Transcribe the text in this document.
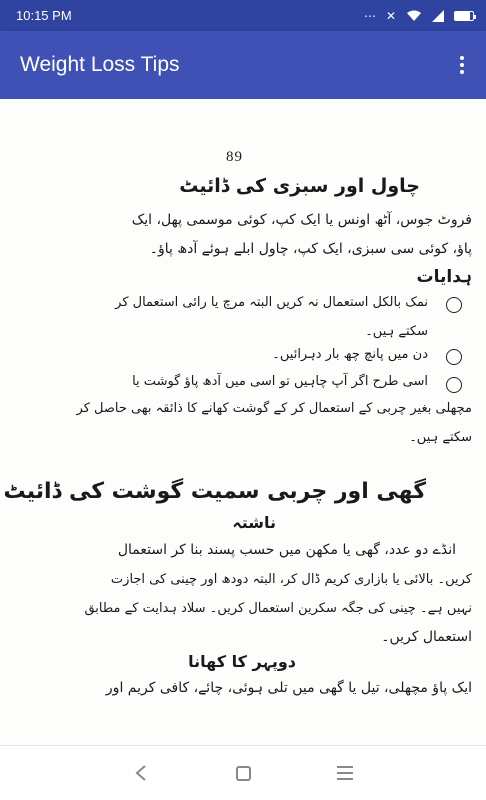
10:15 PM	⋯ ✕
Weight Loss Tips
89
چاول اور سبزی کی ڈائیٹ
فروٹ جوس، آٹھ اونس یا ایک کپ، کوئی موسمی پھل، ایک
پاؤ، کوئی سی سبزی، ایک کپ، چاول ابلے ہوئے آدھ پاؤ۔
ہدایات
نمک بالکل استعمال نہ کریں البتہ مرچ یا رائی استعمال کر
سکتے ہیں۔
دن میں پانچ چھ بار دہرائیں۔
اسی طرح اگر آپ چاہیں تو اسی میں آدھ پاؤ گوشت یا
مچھلی بغیر چربی کے استعمال کر کے گوشت کھانے کا ذائقہ بھی حاصل کر
سکتے ہیں۔
گھی اور چربی سمیت گوشت کی ڈائیٹ
ناشتہ
انڈے دو عدد، گھی یا مکھن میں حسب پسند بنا کر استعمال
کریں۔ بالائی یا بازاری کریم ڈال کر، البتہ دودھ اور چینی کی اجازت
نہیں ہے۔ چینی کی جگہ سکرین استعمال کریں۔ سلاد ہدایت کے مطابق
استعمال کریں۔
دوپہر کا کھانا
ایک پاؤ مچھلی، تیل یا گھی میں تلی ہوئی، چائے، کافی کریم اور
